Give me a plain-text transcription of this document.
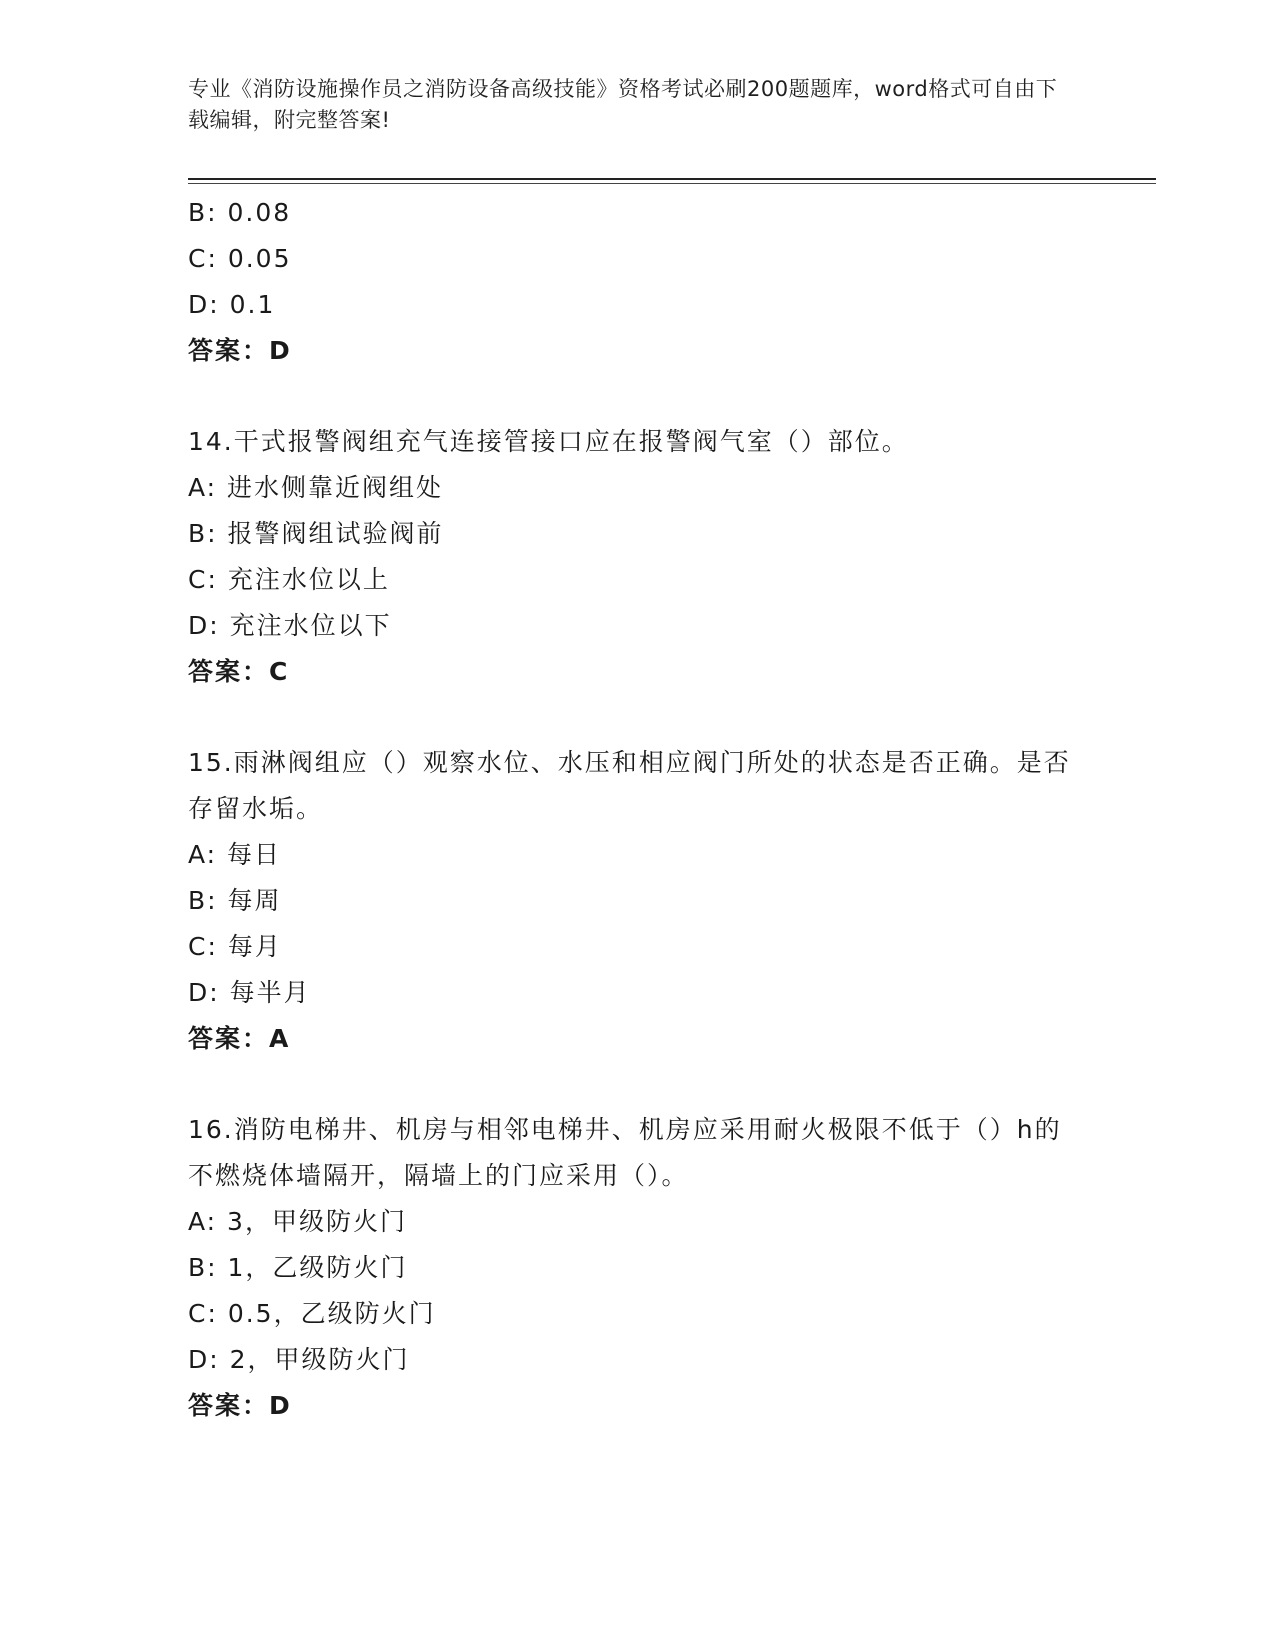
专业《消防设施操作员之消防设备高级技能》资格考试必刷200题题库，word格式可自由下载编辑，附完整答案!
B: 0.08
C: 0.05
D: 0.1
答案：D
14.干式报警阀组充气连接管接口应在报警阀气室（）部位。
A: 进水侧靠近阀组处
B: 报警阀组试验阀前
C: 充注水位以上
D: 充注水位以下
答案：C
15.雨淋阀组应（）观察水位、水压和相应阀门所处的状态是否正确。是否存留水垢。
A: 每日
B: 每周
C: 每月
D: 每半月
答案：A
16.消防电梯井、机房与相邻电梯井、机房应采用耐火极限不低于（）h的不燃烧体墙隔开，隔墙上的门应采用（）。
A: 3，甲级防火门
B: 1，乙级防火门
C: 0.5，乙级防火门
D: 2，甲级防火门
答案：D
